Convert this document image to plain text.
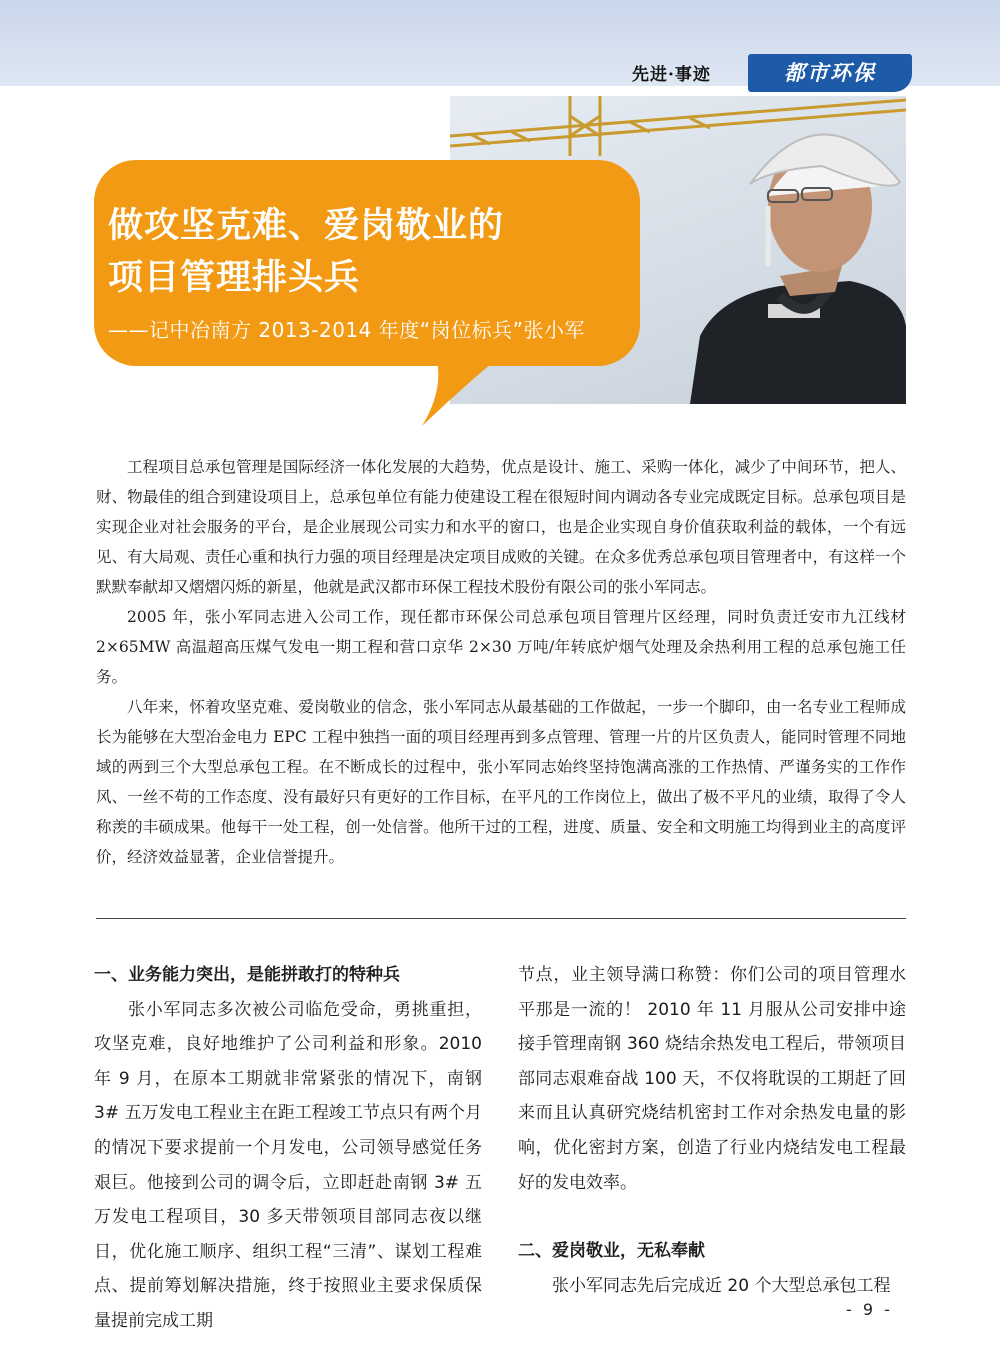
先进·事迹	都市环保
做攻坚克难、爱岗敬业的
项目管理排头兵
——记中冶南方 2013-2014 年度“岗位标兵”张小军

工程项目总承包管理是国际经济一体化发展的大趋势，优点是设计、施工、采购一体化，减少了中间环节，把人、财、物最佳的组合到建设项目上，总承包单位有能力使建设工程在很短时间内调动各专业完成既定目标。总承包项目是实现企业对社会服务的平台，是企业展现公司实力和水平的窗口，也是企业实现自身价值获取利益的载体，一个有远见、有大局观、责任心重和执行力强的项目经理是决定项目成败的关键。在众多优秀总承包项目管理者中，有这样一个默默奉献却又熠熠闪烁的新星，他就是武汉都市环保工程技术股份有限公司的张小军同志。

2005 年，张小军同志进入公司工作，现任都市环保公司总承包项目管理片区经理，同时负责迁安市九江线材 2×65MW 高温超高压煤气发电一期工程和营口京华 2×30 万吨/年转底炉烟气处理及余热利用工程的总承包施工任务。

八年来，怀着攻坚克难、爱岗敬业的信念，张小军同志从最基础的工作做起，一步一个脚印，由一名专业工程师成长为能够在大型冶金电力 EPC 工程中独挡一面的项目经理再到多点管理、管理一片的片区负责人，能同时管理不同地域的两到三个大型总承包工程。在不断成长的过程中，张小军同志始终坚持饱满高涨的工作热情、严谨务实的工作作风、一丝不苟的工作态度、没有最好只有更好的工作目标，在平凡的工作岗位上，做出了极不平凡的业绩，取得了令人称羡的丰硕成果。他每干一处工程，创一处信誉。他所干过的工程，进度、质量、安全和文明施工均得到业主的高度评价，经济效益显著，企业信誉提升。

一、业务能力突出，是能拼敢打的特种兵

张小军同志多次被公司临危受命，勇挑重担，攻坚克难，良好地维护了公司利益和形象。2010 年 9 月，在原本工期就非常紧张的情况下，南钢 3# 五万发电工程业主在距工程竣工节点只有两个月的情况下要求提前一个月发电，公司领导感觉任务艰巨。他接到公司的调令后，立即赶赴南钢 3# 五万发电工程项目，30 多天带领项目部同志夜以继日，优化施工顺序、组织工程“三清”、谋划工程难点、提前筹划解决措施，终于按照业主要求保质保量提前完成工期

节点，业主领导满口称赞：你们公司的项目管理水平那是一流的！ 2010 年 11 月服从公司安排中途接手管理南钢 360 烧结余热发电工程后，带领项目部同志艰难奋战 100 天，不仅将耽误的工期赶了回来而且认真研究烧结机密封工作对余热发电量的影响，优化密封方案，创造了行业内烧结发电工程最好的发电效率。

二、爱岗敬业，无私奉献

张小军同志先后完成近 20 个大型总承包工程

- 9 -
